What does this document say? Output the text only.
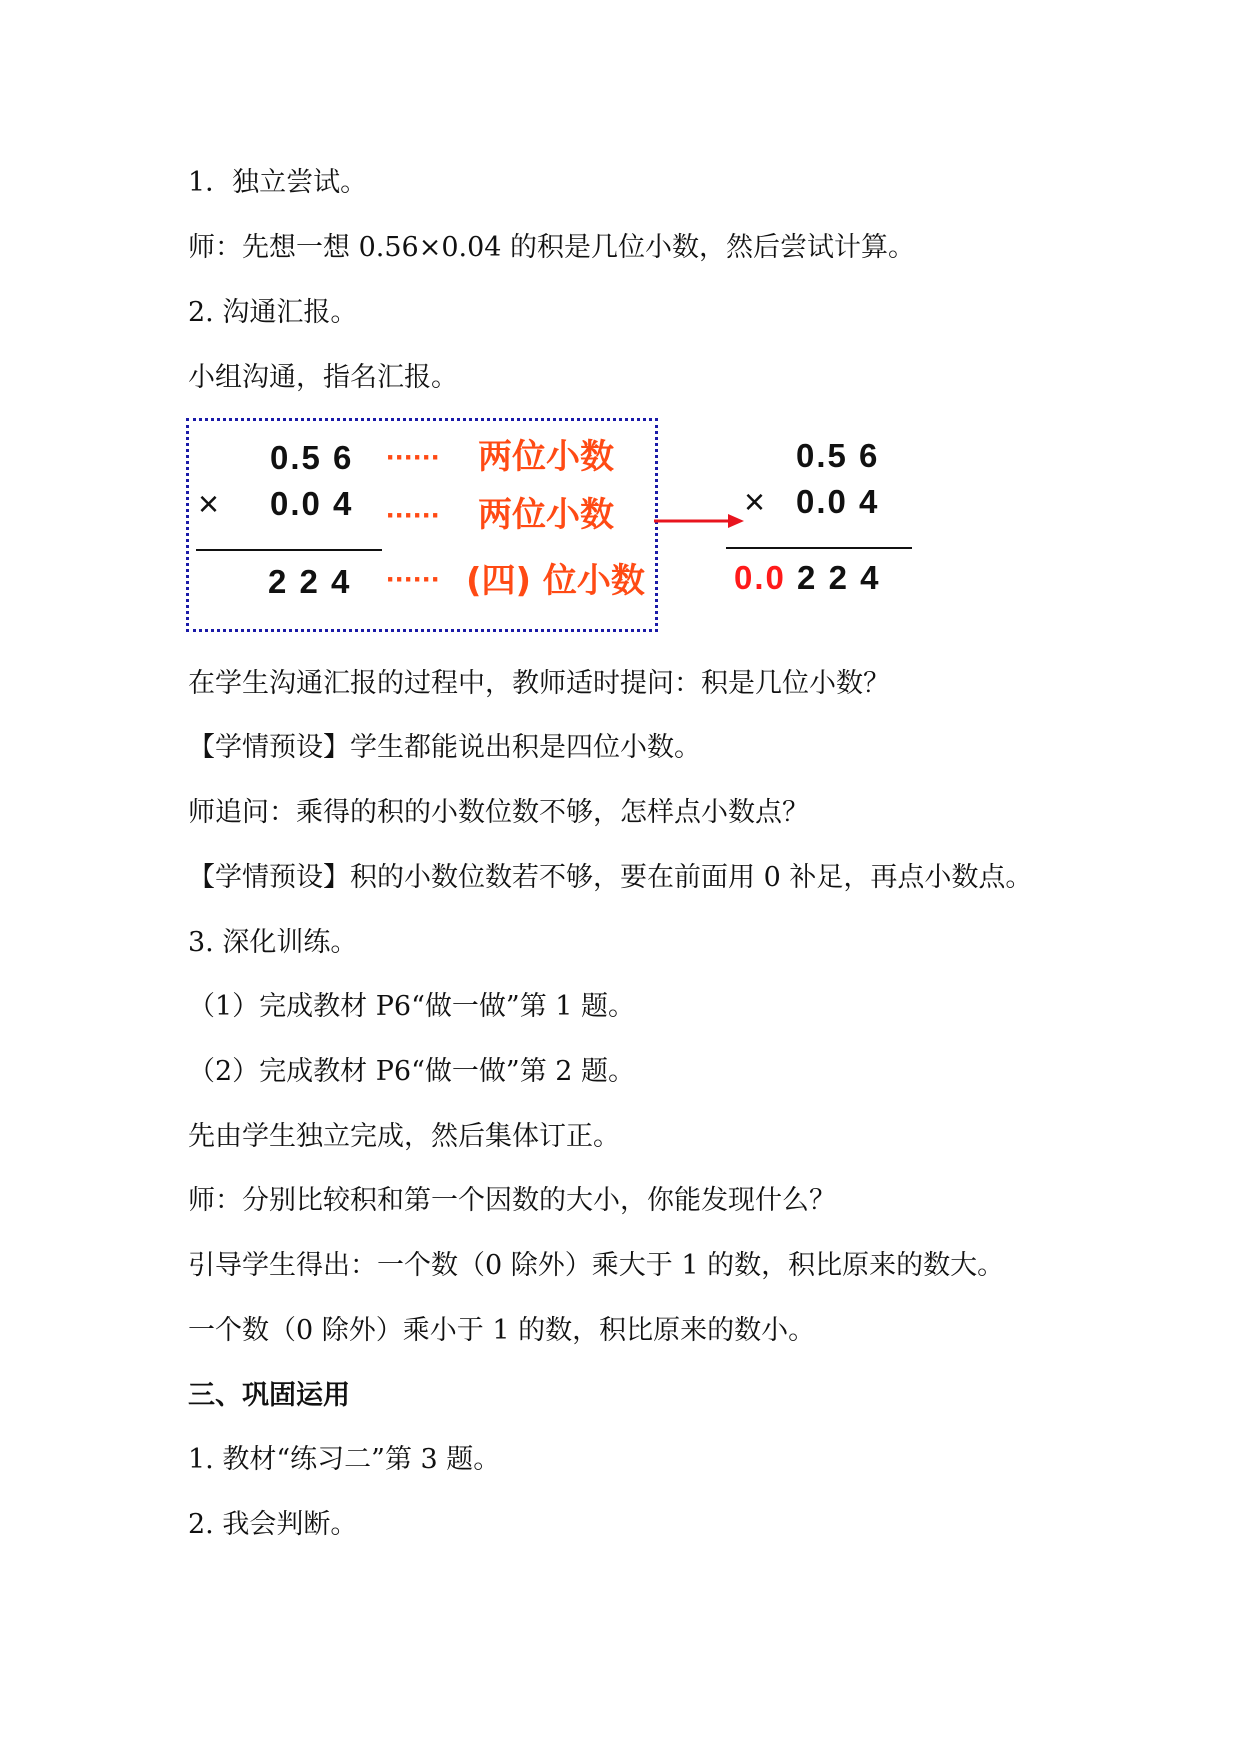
1．独立尝试。
师：先想一想 0.56×0.04 的积是几位小数，然后尝试计算。
2. 沟通汇报。
小组沟通，指名汇报。
0.5 6
× 0.0 4
2 2 4
······ 两位小数
······ 两位小数
······ (四) 位小数
0.5 6
× 0.0 4
0.0 2 2 4
在学生沟通汇报的过程中，教师适时提问：积是几位小数？
【学情预设】学生都能说出积是四位小数。
师追问：乘得的积的小数位数不够，怎样点小数点？
【学情预设】积的小数位数若不够，要在前面用 0 补足，再点小数点。
3. 深化训练。
（1）完成教材 P6“做一做”第 1 题。
（2）完成教材 P6“做一做”第 2 题。
先由学生独立完成，然后集体订正。
师：分别比较积和第一个因数的大小，你能发现什么？
引导学生得出：一个数（0 除外）乘大于 1 的数，积比原来的数大。
一个数（0 除外）乘小于 1 的数，积比原来的数小。
三、巩固运用
1. 教材“练习二”第 3 题。
2. 我会判断。
